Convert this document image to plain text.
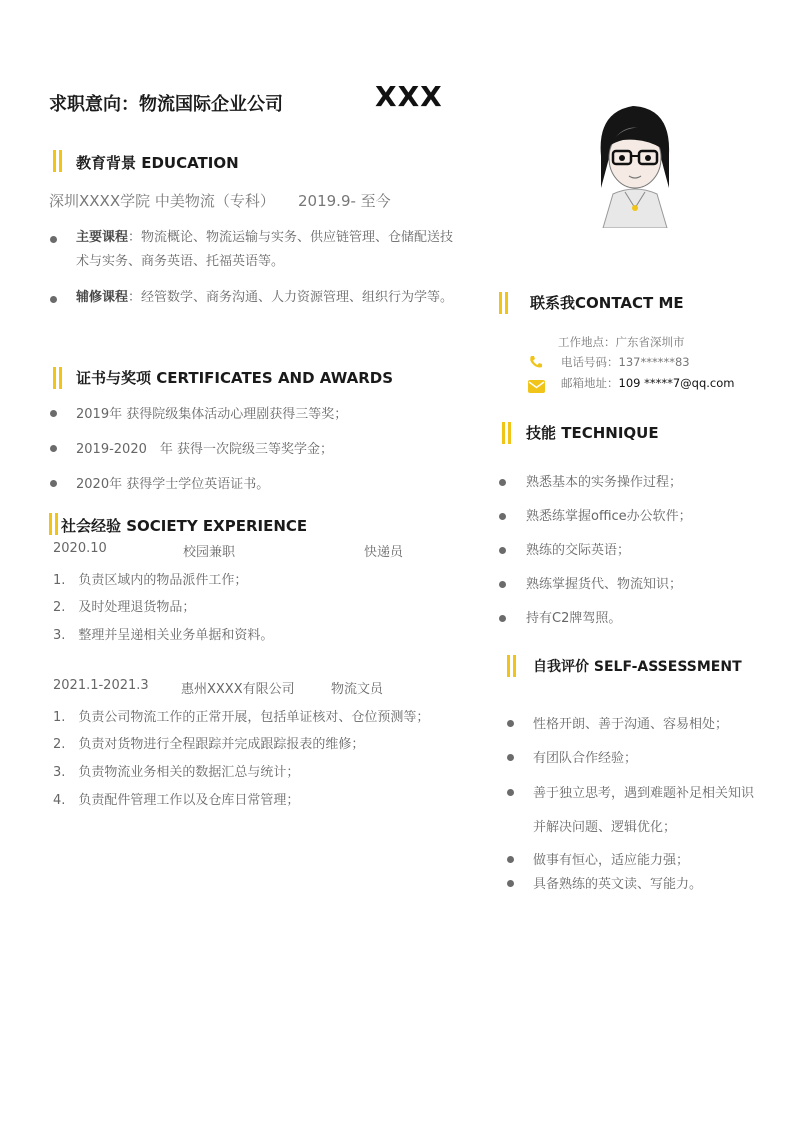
求职意向：物流国际企业公司	XXX
教育背景 EDUCATION
深圳XXXX学院 中美物流（专科） 2019.9- 至今
主要课程：物流概论、物流运输与实务、供应链管理、仓储配送技术与实务、商务英语、托福英语等。
辅修课程：经管数学、商务沟通、人力资源管理、组织行为学等。
证书与奖项 CERTIFICATES AND AWARDS
2019年 获得院级集体活动心理剧获得三等奖；
2019-2020　年 获得一次院级三等奖学金；
2020年 获得学士学位英语证书。
社会经验 SOCIETY EXPERIENCE
2020.10	校园兼职	快递员
1.　负责区域内的物品派件工作；
2.　及时处理退货物品；
3.　整理并呈递相关业务单据和资料。
2021.1-2021.3 惠州XXXX有限公司	物流文员
1.　负责公司物流工作的正常开展，包括单证核对、仓位预测等；
2.　负责对货物进行全程跟踪并完成跟踪报表的维修；
3.　负责物流业务相关的数据汇总与统计；
4.　负责配件管理工作以及仓库日常管理；
联系我CONTACT ME
工作地点：广东省深圳市
电话号码：137******83
邮箱地址：109 *****7@qq.com
技能 TECHNIQUE
熟悉基本的实务操作过程；
熟悉练掌握office办公软件；
熟练的交际英语；
熟练掌握货代、物流知识；
持有C2牌驾照。
自我评价 SELF-ASSESSMENT
性格开朗、善于沟通、容易相处；
有团队合作经验；
善于独立思考，遇到难题补足相关知识并解决问题、逻辑优化；
做事有恒心，适应能力强；
具备熟练的英文读、写能力。
